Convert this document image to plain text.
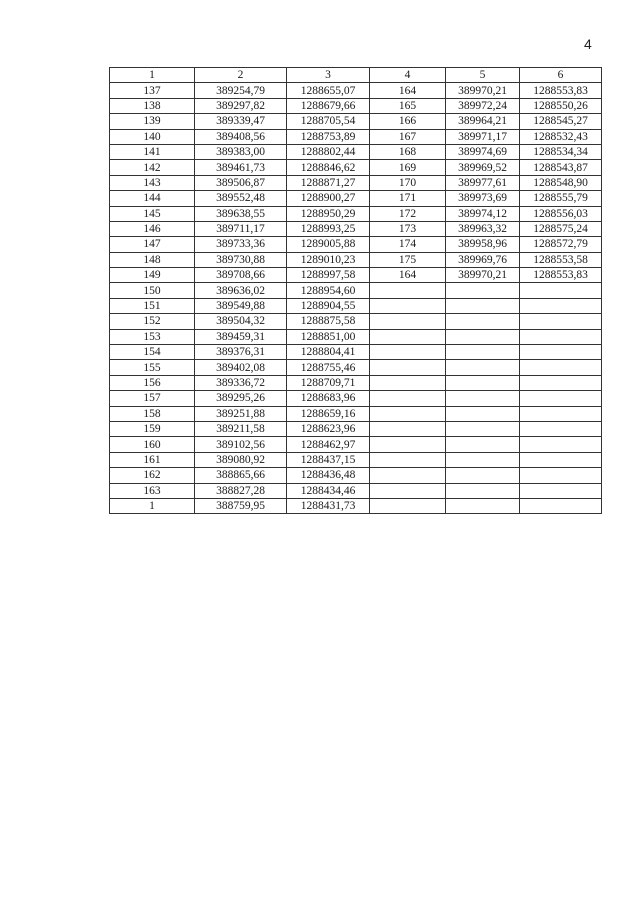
4
1	2	3	4	5	6
137	389254,79	1288655,07	164	389970,21	1288553,83
138	389297,82	1288679,66	165	389972,24	1288550,26
139	389339,47	1288705,54	166	389964,21	1288545,27
140	389408,56	1288753,89	167	389971,17	1288532,43
141	389383,00	1288802,44	168	389974,69	1288534,34
142	389461,73	1288846,62	169	389969,52	1288543,87
143	389506,87	1288871,27	170	389977,61	1288548,90
144	389552,48	1288900,27	171	389973,69	1288555,79
145	389638,55	1288950,29	172	389974,12	1288556,03
146	389711,17	1288993,25	173	389963,32	1288575,24
147	389733,36	1289005,88	174	389958,96	1288572,79
148	389730,88	1289010,23	175	389969,76	1288553,58
149	389708,66	1288997,58	164	389970,21	1288553,83
150	389636,02	1288954,60			
151	389549,88	1288904,55			
152	389504,32	1288875,58			
153	389459,31	1288851,00			
154	389376,31	1288804,41			
155	389402,08	1288755,46			
156	389336,72	1288709,71			
157	389295,26	1288683,96			
158	389251,88	1288659,16			
159	389211,58	1288623,96			
160	389102,56	1288462,97			
161	389080,92	1288437,15			
162	388865,66	1288436,48			
163	388827,28	1288434,46			
1	388759,95	1288431,73			
